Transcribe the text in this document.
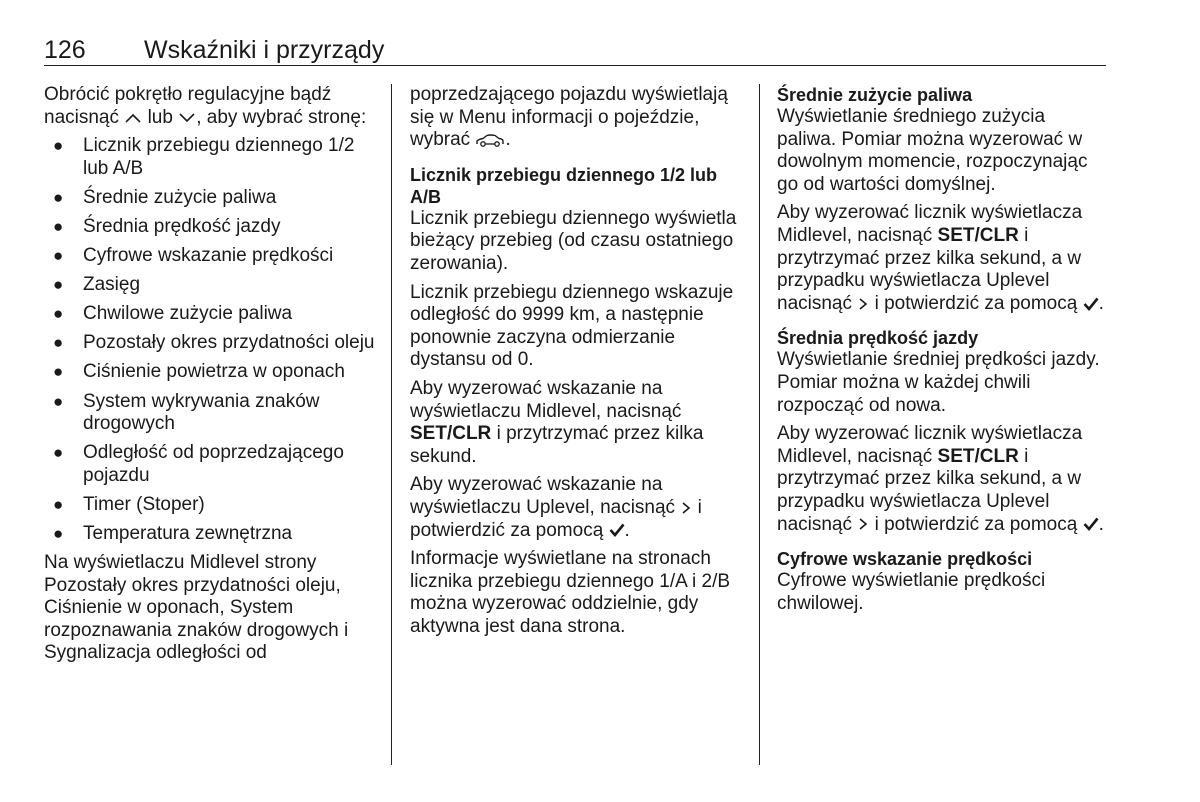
126 Wskaźniki i przyrządy

Obrócić pokrętło regulacyjne bądź nacisnąć lub , aby wybrać stronę:

● Licznik przebiegu dziennego 1/2 lub A/B
● Średnie zużycie paliwa
● Średnia prędkość jazdy
● Cyfrowe wskazanie prędkości
● Zasięg
● Chwilowe zużycie paliwa
● Pozostały okres przydatności oleju
● Ciśnienie powietrza w oponach
● System wykrywania znaków drogowych
● Odległość od poprzedzającego pojazdu
● Timer (Stoper)
● Temperatura zewnętrzna

Na wyświetlaczu Midlevel strony Pozostały okres przydatności oleju, Ciśnienie w oponach, System rozpoznawania znaków drogowych i Sygnalizacja odległości od

poprzedzającego pojazdu wyświetlają się w Menu informacji o pojeździe, wybrać .

Licznik przebiegu dziennego 1/2 lub A/B

Licznik przebiegu dziennego wyświetla bieżący przebieg (od czasu ostatniego zerowania).

Licznik przebiegu dziennego wskazuje odległość do 9999 km, a następnie ponownie zaczyna odmierzanie dystansu od 0.

Aby wyzerować wskazanie na wyświetlaczu Midlevel, nacisnąć SET/CLR i przytrzymać przez kilka sekund.

Aby wyzerować wskazanie na wyświetlaczu Uplevel, nacisnąć i potwierdzić za pomocą .

Informacje wyświetlane na stronach licznika przebiegu dziennego 1/A i 2/B można wyzerować oddzielnie, gdy aktywna jest dana strona.

Średnie zużycie paliwa

Wyświetlanie średniego zużycia paliwa. Pomiar można wyzerować w dowolnym momencie, rozpoczynając go od wartości domyślnej.

Aby wyzerować licznik wyświetlacza Midlevel, nacisnąć SET/CLR i przytrzymać przez kilka sekund, a w przypadku wyświetlacza Uplevel nacisnąć i potwierdzić za pomocą .

Średnia prędkość jazdy

Wyświetlanie średniej prędkości jazdy. Pomiar można w każdej chwili rozpocząć od nowa.

Aby wyzerować licznik wyświetlacza Midlevel, nacisnąć SET/CLR i przytrzymać przez kilka sekund, a w przypadku wyświetlacza Uplevel nacisnąć i potwierdzić za pomocą .

Cyfrowe wskazanie prędkości

Cyfrowe wyświetlanie prędkości chwilowej.
